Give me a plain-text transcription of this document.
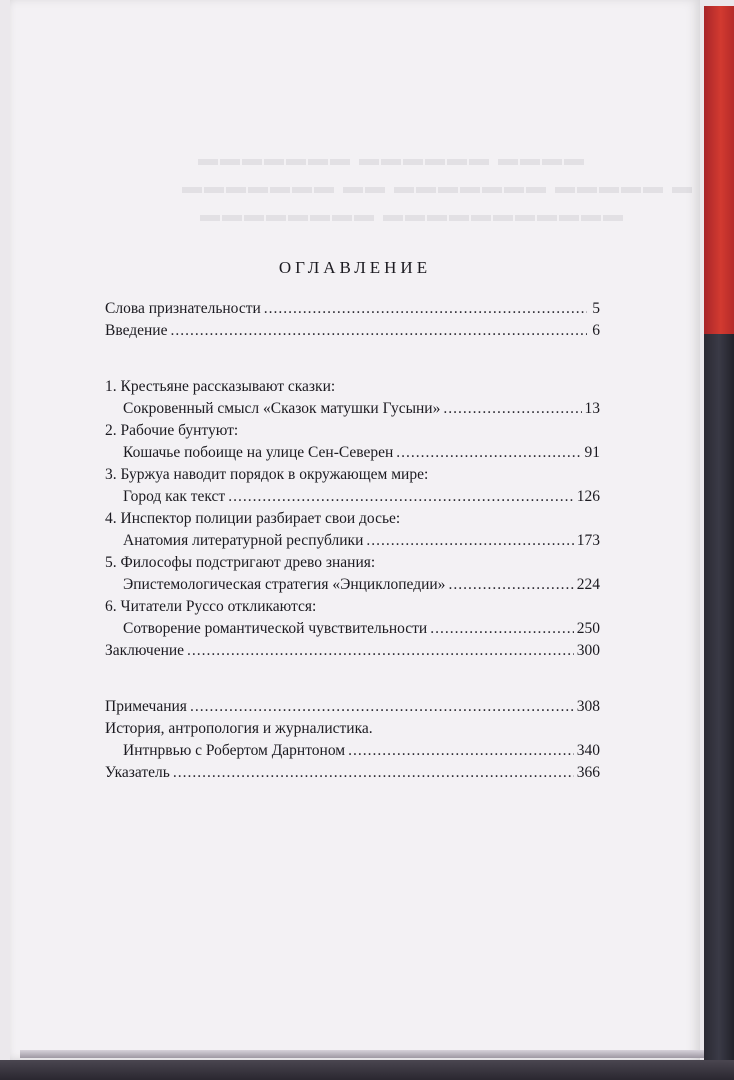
▬▬▬▬ ▬▬▬▬▬▬ ▬▬▬▬▬▬▬
▬ ▬▬▬▬▬ ▬▬▬▬▬▬▬ ▬▬ ▬▬▬▬▬▬▬
▬▬▬▬▬▬▬▬▬▬▬ ▬▬▬▬▬▬▬▬
ОГЛАВЛЕНИЕ
Слова признательности .....	5
Введение .....	6
1. Крестьяне рассказывают сказки:
Сокровенный смысл «Сказок матушки Гусыни» .....	13
2. Рабочие бунтуют:
Кошачье побоище на улице Сен-Северен .....	91
3. Буржуа наводит порядок в окружающем мире:
Город как текст .....	126
4. Инспектор полиции разбирает свои досье:
Анатомия литературной республики .....	173
5. Философы подстригают древо знания:
Эпистемологическая стратегия «Энциклопедии» .....	224
6. Читатели Руссо откликаются:
Сотворение романтической чувствительности .....	250
Заключение .....	300
Примечания .....	308
История, антропология и журналистика.
Интнрвью с Робертом Дарнтоном .....	340
Указатель .....	366
